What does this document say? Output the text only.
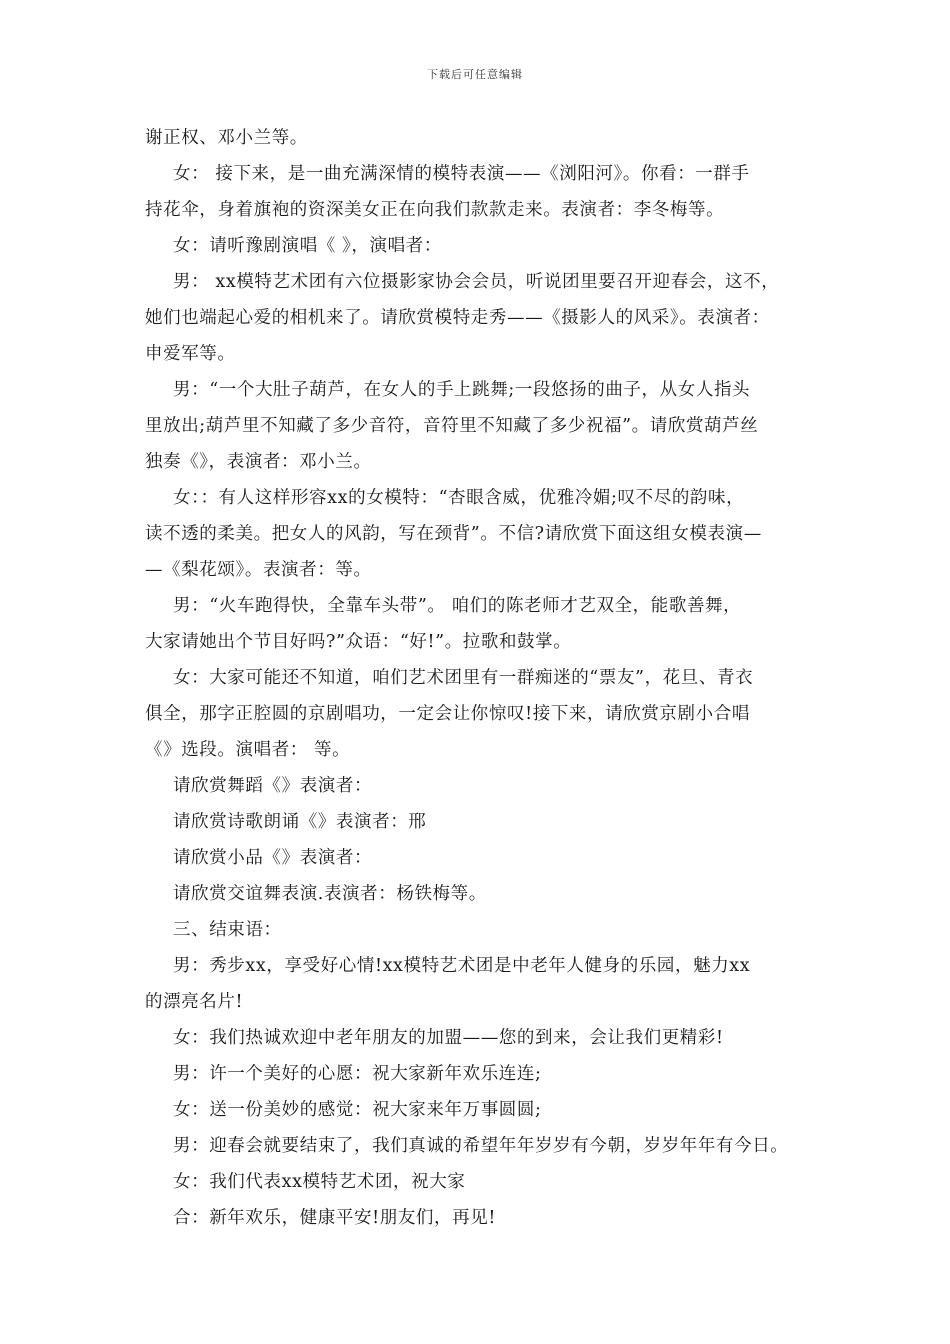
下载后可任意编辑
谢正权、邓小兰等。
女： 接下来，是一曲充满深情的模特表演——《浏阳河》。你看：一群手
持花伞，身着旗袍的资深美女正在向我们款款走来。表演者：李冬梅等。
女：请听豫剧演唱《 》，演唱者：
男： xx模特艺术团有六位摄影家协会会员，听说团里要召开迎春会，这不，
她们也端起心爱的相机来了。请欣赏模特走秀——《摄影人的风采》。表演者：
申爱军等。
男：“一个大肚子葫芦，在女人的手上跳舞;一段悠扬的曲子，从女人指头
里放出;葫芦里不知藏了多少音符，音符里不知藏了多少祝福”。请欣赏葫芦丝
独奏《》，表演者：邓小兰。
女：：有人这样形容xx的女模特：“杏眼含威，优雅冷媚;叹不尽的韵味，
读不透的柔美。把女人的风韵，写在颈背”。不信?请欣赏下面这组女模表演—
—《梨花颂》。表演者：等。
男：“火车跑得快，全靠车头带”。 咱们的陈老师才艺双全，能歌善舞，
大家请她出个节目好吗?”众语：“好!”。拉歌和鼓掌。
女：大家可能还不知道，咱们艺术团里有一群痴迷的“票友”，花旦、青衣
俱全，那字正腔圆的京剧唱功，一定会让你惊叹!接下来，请欣赏京剧小合唱
《》选段。演唱者： 等。
请欣赏舞蹈《》表演者：
请欣赏诗歌朗诵《》表演者：邢
请欣赏小品《》表演者：
请欣赏交谊舞表演.表演者：杨铁梅等。
三、结束语：
男：秀步xx，享受好心情!xx模特艺术团是中老年人健身的乐园，魅力xx
的漂亮名片!
女：我们热诚欢迎中老年朋友的加盟——您的到来，会让我们更精彩!
男：许一个美好的心愿：祝大家新年欢乐连连;
女：送一份美妙的感觉：祝大家来年万事圆圆;
男：迎春会就要结束了，我们真诚的希望年年岁岁有今朝，岁岁年年有今日。
女：我们代表xx模特艺术团，祝大家
合：新年欢乐，健康平安!朋友们，再见!
